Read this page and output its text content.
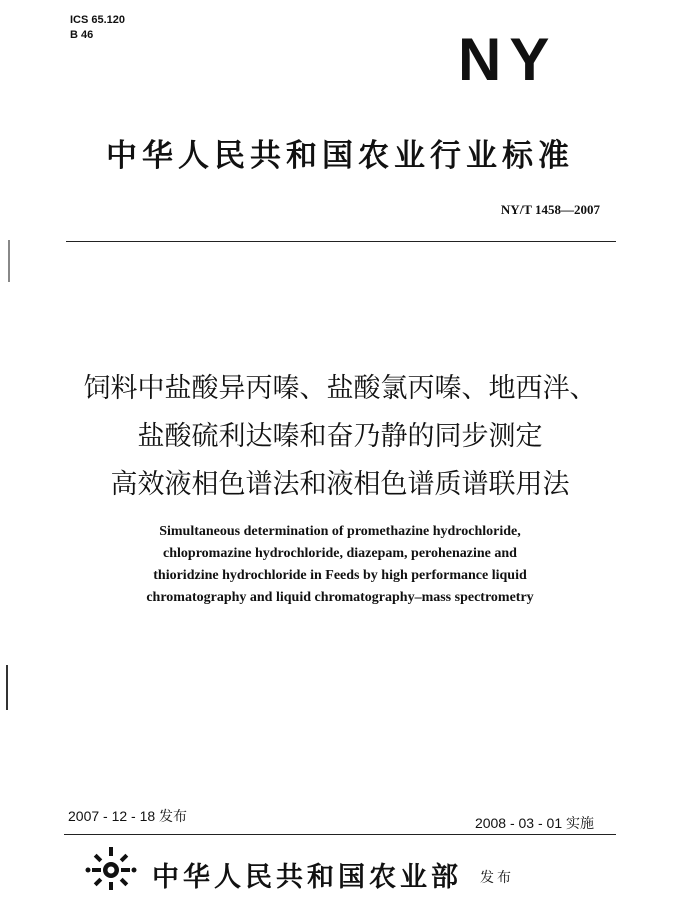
ICS 65.120
B 46	NY
中华人民共和国农业行业标准
NY/T 1458—2007
饲料中盐酸异丙嗪、盐酸氯丙嗪、地西泮、
盐酸硫利达嗪和奋乃静的同步测定
高效液相色谱法和液相色谱质谱联用法
Simultaneous determination of promethazine hydrochloride,
chlopromazine hydrochloride, diazepam, perohenazine and
thioridzine hydrochloride in Feeds by high performance liquid
chromatography and liquid chromatography–mass spectrometry
2007 - 12 - 18 发布	2008 - 03 - 01 实施
中华人民共和国农业部 发布
